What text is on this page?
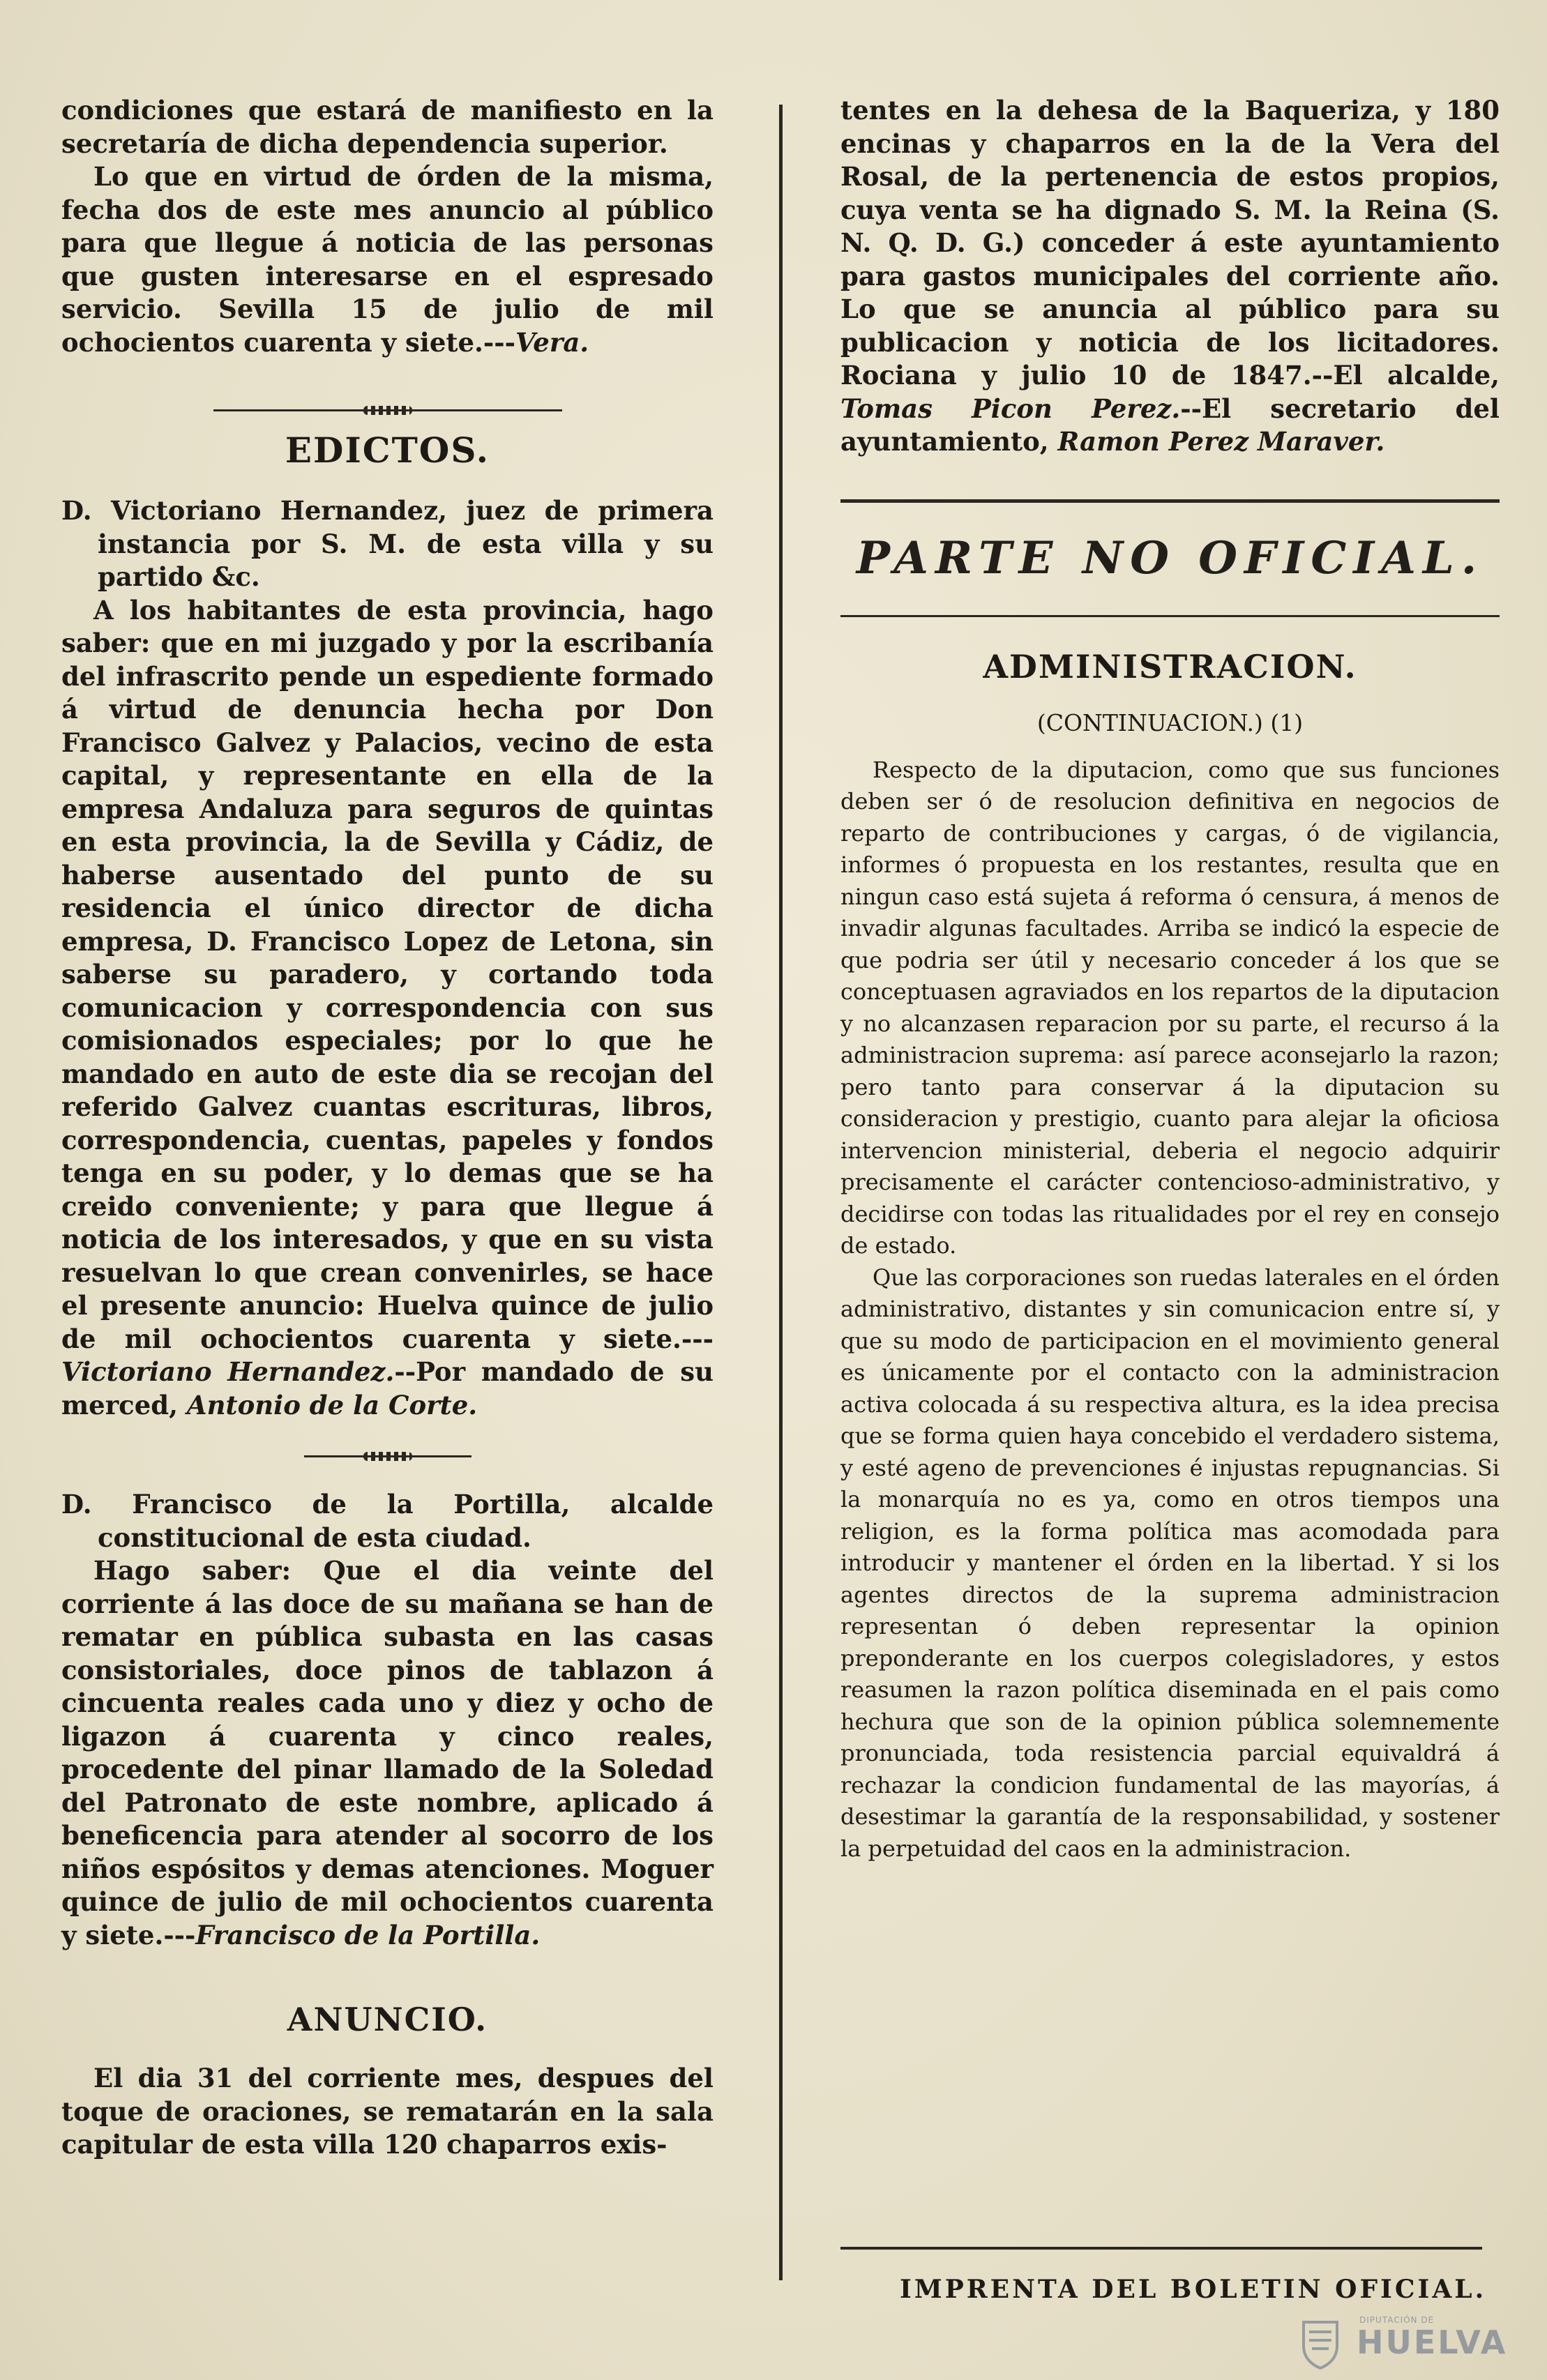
condiciones que estará de manifiesto en la secretaría de dicha dependencia superior.

Lo que en virtud de órden de la misma, fecha dos de este mes anuncio al público para que llegue á noticia de las personas que gusten interesarse en el espresado servicio. Sevilla 15 de julio de mil ochocientos cuarenta y siete.---Vera.

EDICTOS.

D. Victoriano Hernandez, juez de primera instancia por S. M. de esta villa y su partido &c.

A los habitantes de esta provincia, hago saber: que en mi juzgado y por la escribanía del infrascrito pende un espediente formado á virtud de denuncia hecha por Don Francisco Galvez y Palacios, vecino de esta capital, y representante en ella de la empresa Andaluza para seguros de quintas en esta provincia, la de Sevilla y Cádiz, de haberse ausentado del punto de su residencia el único director de dicha empresa, D. Francisco Lopez de Letona, sin saberse su paradero, y cortando toda comunicacion y correspondencia con sus comisionados especiales; por lo que he mandado en auto de este dia se recojan del referido Galvez cuantas escrituras, libros, correspondencia, cuentas, papeles y fondos tenga en su poder, y lo demas que se ha creido conveniente; y para que llegue á noticia de los interesados, y que en su vista resuelvan lo que crean convenirles, se hace el presente anuncio: Huelva quince de julio de mil ochocientos cuarenta y siete.---Victoriano Hernandez.--Por mandado de su merced, Antonio de la Corte.

D. Francisco de la Portilla, alcalde constitucional de esta ciudad.

Hago saber: Que el dia veinte del corriente á las doce de su mañana se han de rematar en pública subasta en las casas consistoriales, doce pinos de tablazon á cincuenta reales cada uno y diez y ocho de ligazon á cuarenta y cinco reales, procedente del pinar llamado de la Soledad del Patronato de este nombre, aplicado á beneficencia para atender al socorro de los niños espósitos y demas atenciones. Moguer quince de julio de mil ochocientos cuarenta y siete.---Francisco de la Portilla.

ANUNCIO.

El dia 31 del corriente mes, despues del toque de oraciones, se rematarán en la sala capitular de esta villa 120 chaparros exis-

tentes en la dehesa de la Baqueriza, y 180 encinas y chaparros en la de la Vera del Rosal, de la pertenencia de estos propios, cuya venta se ha dignado S. M. la Reina (S. N. Q. D. G.) conceder á este ayuntamiento para gastos municipales del corriente año. Lo que se anuncia al público para su publicacion y noticia de los licitadores. Rociana y julio 10 de 1847.--El alcalde, Tomas Picon Perez.--El secretario del ayuntamiento, Ramon Perez Maraver.

PARTE NO OFICIAL.

ADMINISTRACION.

(CONTINUACION.) (1)

Respecto de la diputacion, como que sus funciones deben ser ó de resolucion definitiva en negocios de reparto de contribuciones y cargas, ó de vigilancia, informes ó propuesta en los restantes, resulta que en ningun caso está sujeta á reforma ó censura, á menos de invadir algunas facultades. Arriba se indicó la especie de que podria ser útil y necesario conceder á los que se conceptuasen agraviados en los repartos de la diputacion y no alcanzasen reparacion por su parte, el recurso á la administracion suprema: así parece aconsejarlo la razon; pero tanto para conservar á la diputacion su consideracion y prestigio, cuanto para alejar la oficiosa intervencion ministerial, deberia el negocio adquirir precisamente el carácter contencioso-administrativo, y decidirse con todas las ritualidades por el rey en consejo de estado.

Que las corporaciones son ruedas laterales en el órden administrativo, distantes y sin comunicacion entre sí, y que su modo de participacion en el movimiento general es únicamente por el contacto con la administracion activa colocada á su respectiva altura, es la idea precisa que se forma quien haya concebido el verdadero sistema, y esté ageno de prevenciones é injustas repugnancias. Si la monarquía no es ya, como en otros tiempos una religion, es la forma política mas acomodada para introducir y mantener el órden en la libertad. Y si los agentes directos de la suprema administracion representan ó deben representar la opinion preponderante en los cuerpos colegisladores, y estos reasumen la razon política diseminada en el pais como hechura que son de la opinion pública solemnemente pronunciada, toda resistencia parcial equivaldrá á rechazar la condicion fundamental de las mayorías, á desestimar la garantía de la responsabilidad, y sostener la perpetuidad del caos en la administracion.

IMPRENTA DEL BOLETIN OFICIAL.
DIPUTACIÓN DE
HUELVA
